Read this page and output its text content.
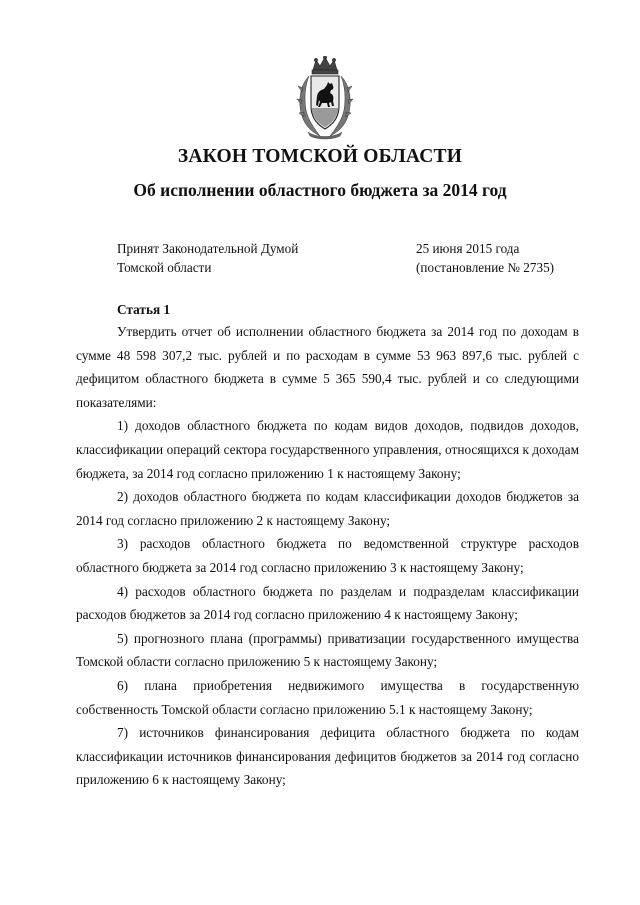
ЗАКОН ТОМСКОЙ ОБЛАСТИ
Об исполнении областного бюджета за 2014 год
Принят Законодательной Думой
Томской области
25 июня 2015 года
(постановление № 2735)
Статья 1

Утвердить отчет об исполнении областного бюджета за 2014 год по доходам в сумме 48 598 307,2 тыс. рублей и по расходам в сумме 53 963 897,6 тыс. рублей с дефицитом областного бюджета в сумме 5 365 590,4 тыс. рублей и со следующими показателями:

1) доходов областного бюджета по кодам видов доходов, подвидов доходов, классификации операций сектора государственного управления, относящихся к доходам бюджета, за 2014 год согласно приложению 1 к настоящему Закону;

2) доходов областного бюджета по кодам классификации доходов бюджетов за 2014 год согласно приложению 2 к настоящему Закону;

3) расходов областного бюджета по ведомственной структуре расходов областного бюджета за 2014 год согласно приложению 3 к настоящему Закону;

4) расходов областного бюджета по разделам и подразделам классификации расходов бюджетов за 2014 год согласно приложению 4 к настоящему Закону;

5) прогнозного плана (программы) приватизации государственного имущества Томской области согласно приложению 5 к настоящему Закону;

6) плана приобретения недвижимого имущества в государственную собственность Томской области согласно приложению 5.1 к настоящему Закону;

7) источников финансирования дефицита областного бюджета по кодам классификации источников финансирования дефицитов бюджетов за 2014 год согласно приложению 6 к настоящему Закону;
